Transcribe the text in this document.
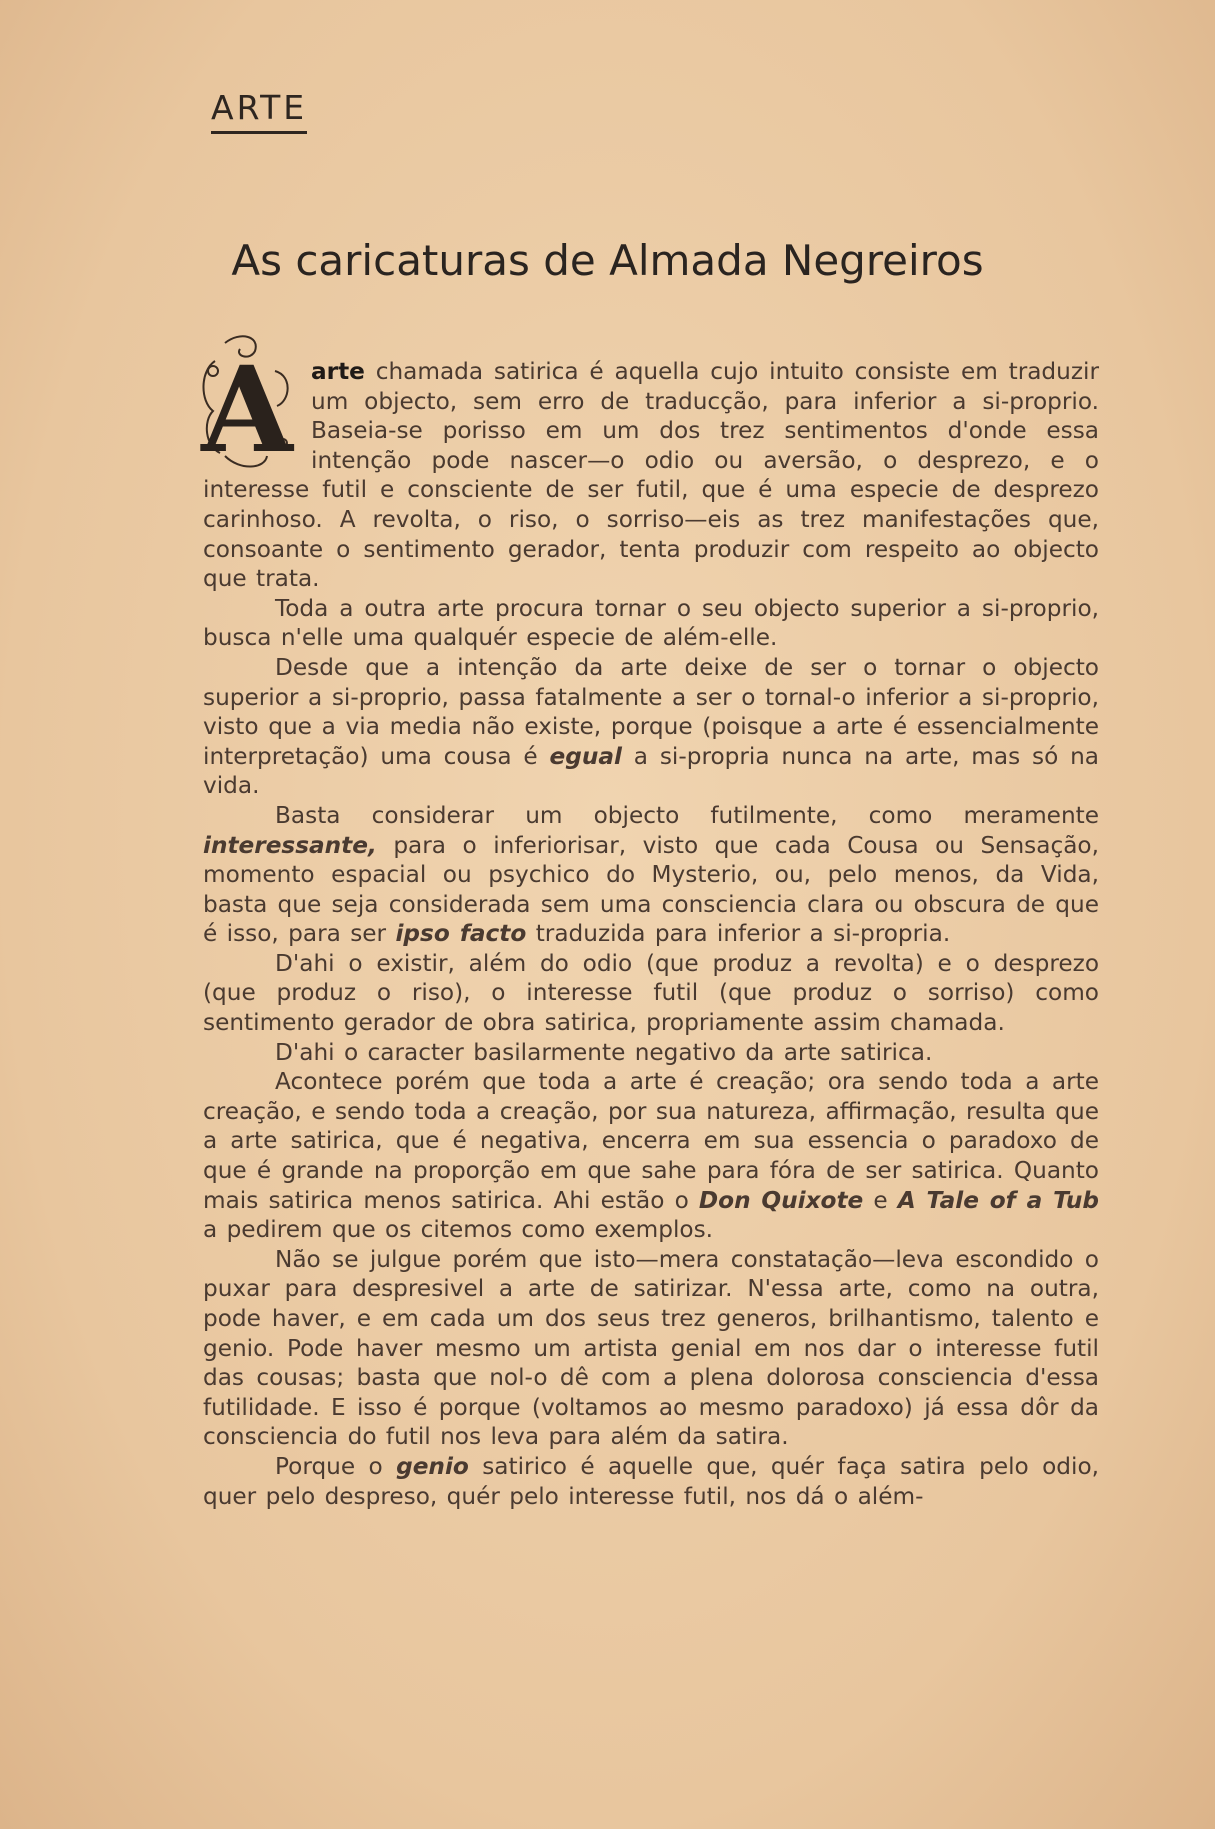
ARTE
As caricaturas de Almada Negreiros
A arte chamada satirica é aquella cujo intuito consiste em traduzir um objecto, sem erro de traducção, para inferior a si-proprio. Baseia-se porisso em um dos trez sentimentos d'onde essa intenção pode nascer—o odio ou aversão, o desprezo, e o interesse futil e consciente de ser futil, que é uma especie de desprezo carinhoso. A revolta, o riso, o sorriso—eis as trez manifestações que, consoante o sentimento gerador, tenta produzir com respeito ao objecto que trata.

Toda a outra arte procura tornar o seu objecto superior a si-proprio, busca n'elle uma qualquér especie de além-elle.

Desde que a intenção da arte deixe de ser o tornar o objecto superior a si-proprio, passa fatalmente a ser o tornal-o inferior a si-proprio, visto que a via media não existe, porque (poisque a arte é essencialmente interpretação) uma cousa é egual a si-propria nunca na arte, mas só na vida.

Basta considerar um objecto futilmente, como meramente interessante, para o inferiorisar, visto que cada Cousa ou Sensação, momento espacial ou psychico do Mysterio, ou, pelo menos, da Vida, basta que seja considerada sem uma consciencia clara ou obscura de que é isso, para ser ipso facto traduzida para inferior a si-propria.

D'ahi o existir, além do odio (que produz a revolta) e o desprezo (que produz o riso), o interesse futil (que produz o sorriso) como sentimento gerador de obra satirica, propriamente assim chamada.

D'ahi o caracter basilarmente negativo da arte satirica.

Acontece porém que toda a arte é creação; ora sendo toda a arte creação, e sendo toda a creação, por sua natureza, affirmação, resulta que a arte satirica, que é negativa, encerra em sua essencia o paradoxo de que é grande na proporção em que sahe para fóra de ser satirica. Quanto mais satirica menos satirica. Ahi estão o Don Quixote e A Tale of a Tub a pedirem que os citemos como exemplos.

Não se julgue porém que isto—mera constatação—leva escondido o puxar para despresivel a arte de satirizar. N'essa arte, como na outra, pode haver, e em cada um dos seus trez generos, brilhantismo, talento e genio. Pode haver mesmo um artista genial em nos dar o interesse futil das cousas; basta que nol-o dê com a plena dolorosa consciencia d'essa futilidade. E isso é porque (voltamos ao mesmo paradoxo) já essa dôr da consciencia do futil nos leva para além da satira.

Porque o genio satirico é aquelle que, quér faça satira pelo odio, quer pelo despreso, quér pelo interesse futil, nos dá o além-
